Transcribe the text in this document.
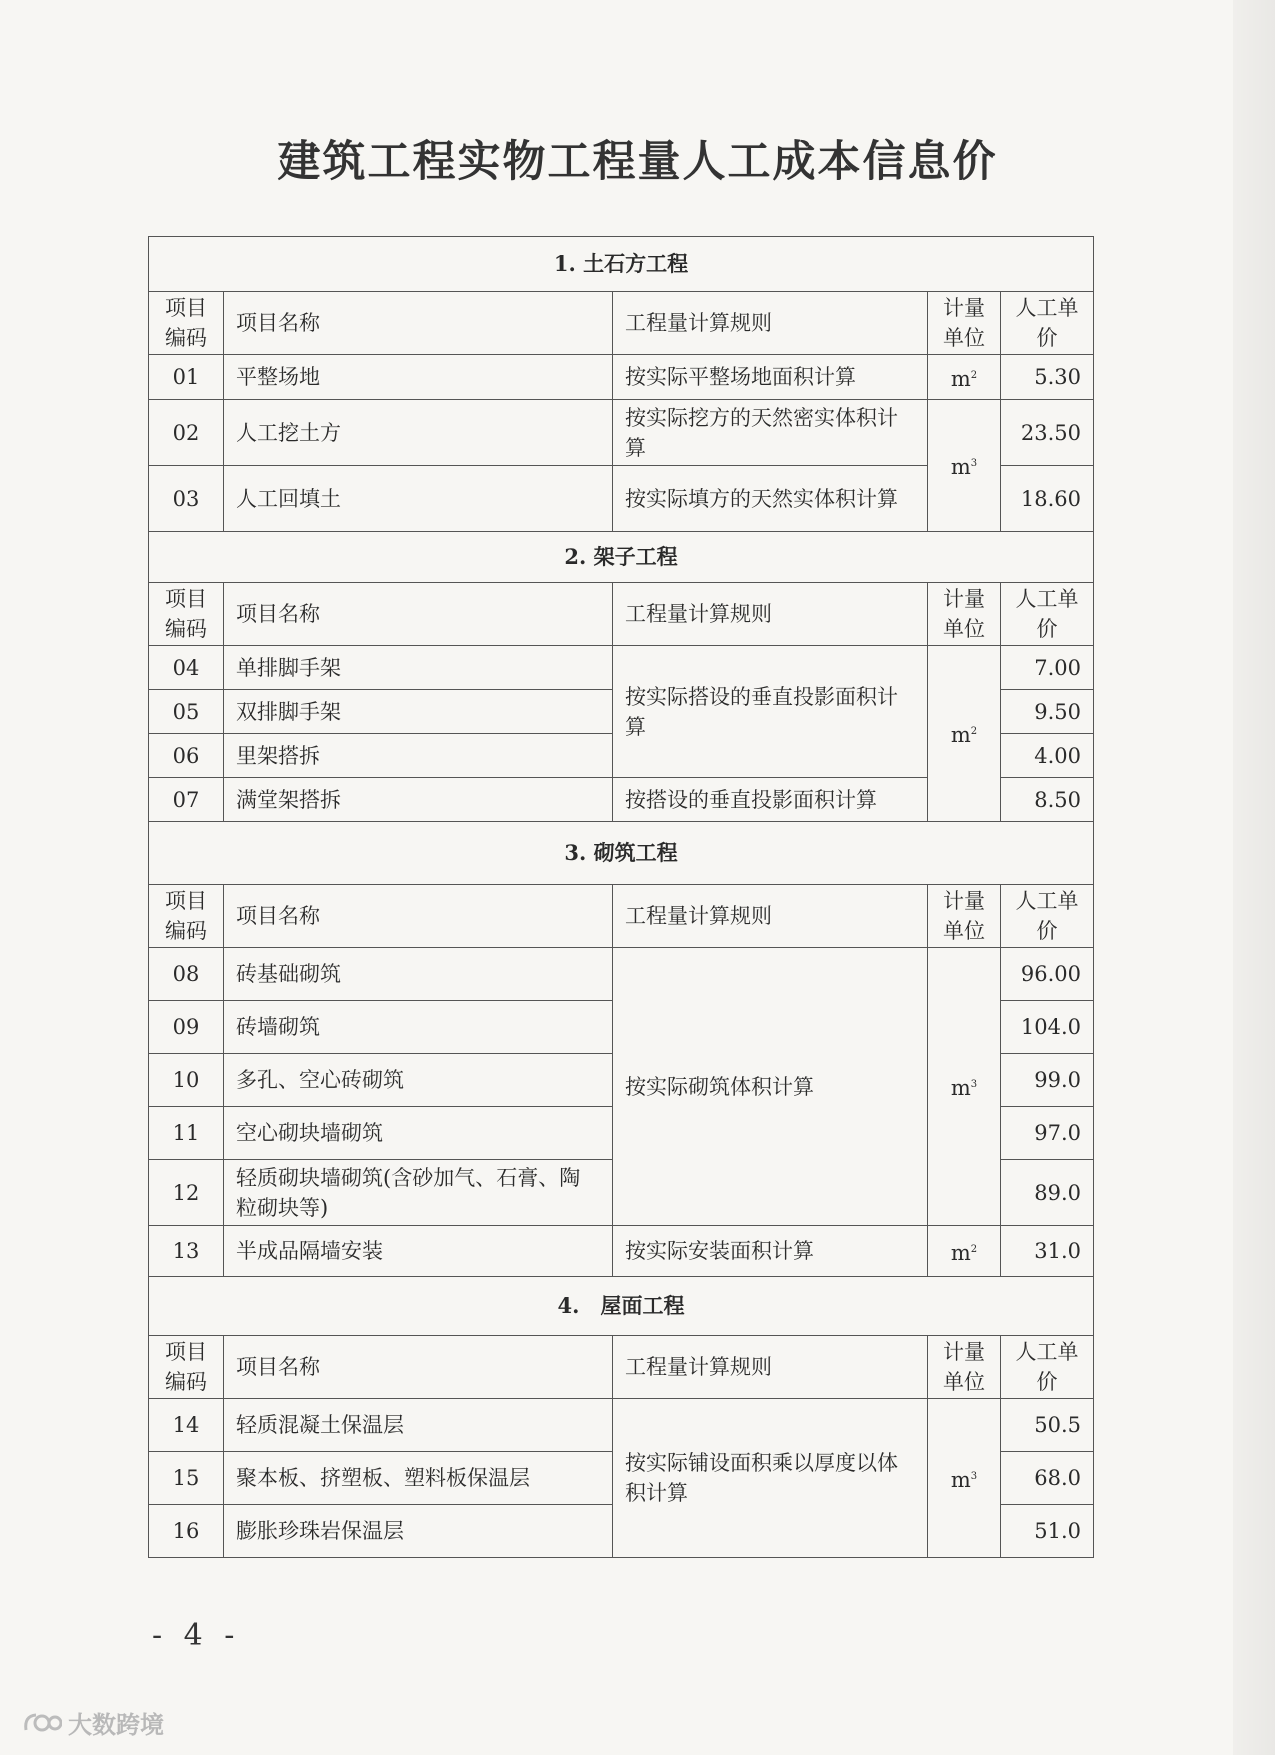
建筑工程实物工程量人工成本信息价
1. 土石方工程				
项目编码	项目名称	工程量计算规则	计量单位	人工单价
01	平整场地	按实际平整场地面积计算	$m^2$	5.30
02	人工挖土方	按实际挖方的天然密实体积计算	$m^3$	23.50
03	人工回填土	按实际填方的天然实体积计算		18.60
2. 架子工程				
项目编码	项目名称	工程量计算规则	计量单位	人工单价
04	单排脚手架	按实际搭设的垂直投影面积计算	$m^2$	7.00
05	双排脚手架			9.50
06	里架搭拆			4.00
07	满堂架搭拆	按搭设的垂直投影面积计算		8.50
3. 砌筑工程				
项目编码	项目名称	工程量计算规则	计量单位	人工单价
08	砖基础砌筑	按实际砌筑体积计算	$m^3$	96.00
09	砖墙砌筑			104.0
10	多孔、空心砖砌筑			99.0
11	空心砌块墙砌筑			97.0
12	轻质砌块墙砌筑(含砂加气、石膏、陶粒砌块等)			89.0
13	半成品隔墙安装	按实际安装面积计算	$m^2$	31.0
4.　屋面工程				
项目编码	项目名称	工程量计算规则	计量单位	人工单价
14	轻质混凝土保温层	按实际铺设面积乘以厚度以体积计算	$m^3$	50.5
15	聚本板、挤塑板、塑料板保温层			68.0
16	膨胀珍珠岩保温层			51.0
- 4 -
大数跨境
